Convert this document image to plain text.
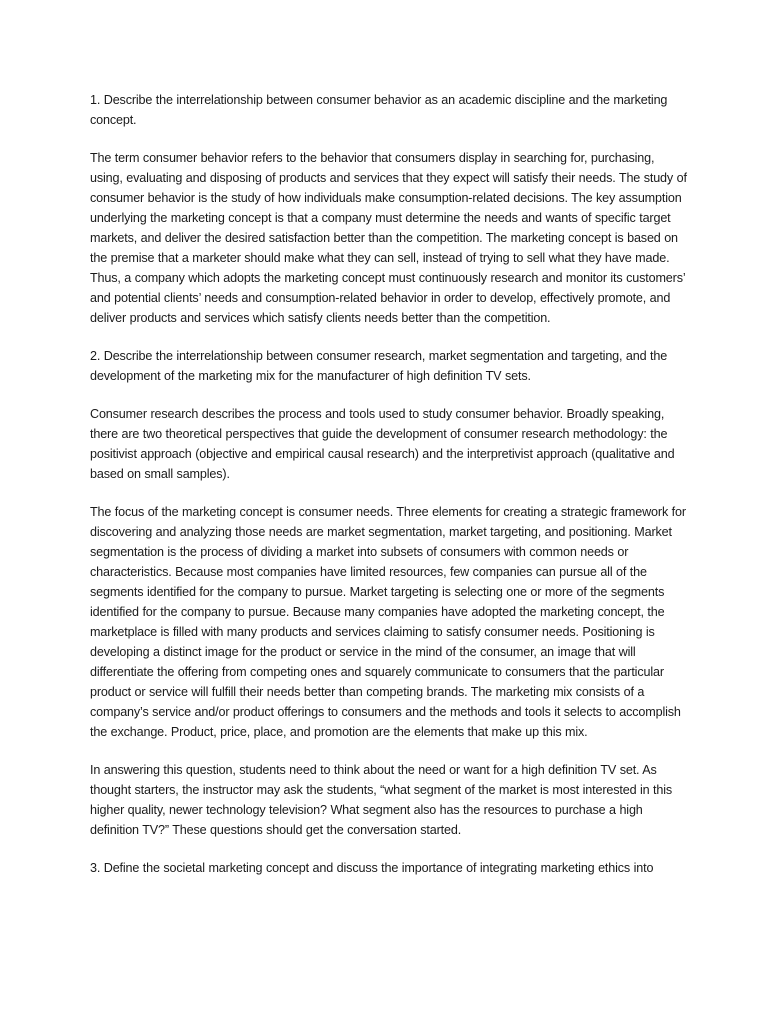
1. Describe the interrelationship between consumer behavior as an academic discipline and the marketing concept.

The term consumer behavior refers to the behavior that consumers display in searching for, purchasing, using, evaluating and disposing of products and services that they expect will satisfy their needs. The study of consumer behavior is the study of how individuals make consumption-related decisions. The key assumption underlying the marketing concept is that a company must determine the needs and wants of specific target markets, and deliver the desired satisfaction better than the competition. The marketing concept is based on the premise that a marketer should make what they can sell, instead of trying to sell what they have made. Thus, a company which adopts the marketing concept must continuously research and monitor its customers’ and potential clients’ needs and consumption-related behavior in order to develop, effectively promote, and deliver products and services which satisfy clients needs better than the competition.

2. Describe the interrelationship between consumer research, market segmentation and targeting, and the development of the marketing mix for the manufacturer of high definition TV sets.

Consumer research describes the process and tools used to study consumer behavior. Broadly speaking, there are two theoretical perspectives that guide the development of consumer research methodology: the positivist approach (objective and empirical causal research) and the interpretivist approach (qualitative and based on small samples).

The focus of the marketing concept is consumer needs. Three elements for creating a strategic framework for discovering and analyzing those needs are market segmentation, market targeting, and positioning. Market segmentation is the process of dividing a market into subsets of consumers with common needs or characteristics. Because most companies have limited resources, few companies can pursue all of the segments identified for the company to pursue. Market targeting is selecting one or more of the segments identified for the company to pursue. Because many companies have adopted the marketing concept, the marketplace is filled with many products and services claiming to satisfy consumer needs. Positioning is developing a distinct image for the product or service in the mind of the consumer, an image that will differentiate the offering from competing ones and squarely communicate to consumers that the particular product or service will fulfill their needs better than competing brands. The marketing mix consists of a company’s service and/or product offerings to consumers and the methods and tools it selects to accomplish the exchange. Product, price, place, and promotion are the elements that make up this mix.

In answering this question, students need to think about the need or want for a high definition TV set. As thought starters, the instructor may ask the students, “what segment of the market is most interested in this higher quality, newer technology television? What segment also has the resources to purchase a high definition TV?” These questions should get the conversation started.

3. Define the societal marketing concept and discuss the importance of integrating marketing ethics into
